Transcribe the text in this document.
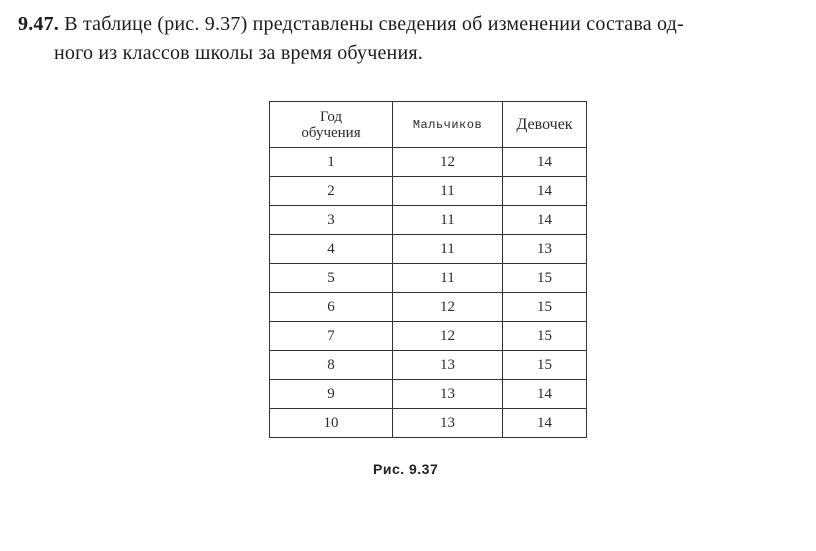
9.47. В таблице (рис. 9.37) представлены сведения об изменении состава од-
ного из классов школы за время обучения.
Год
обучения	Мальчиков	Девочек
1	12	14
2	11	14
3	11	14
4	11	13
5	11	15
6	12	15
7	12	15
8	13	15
9	13	14
10	13	14
Рис. 9.37
